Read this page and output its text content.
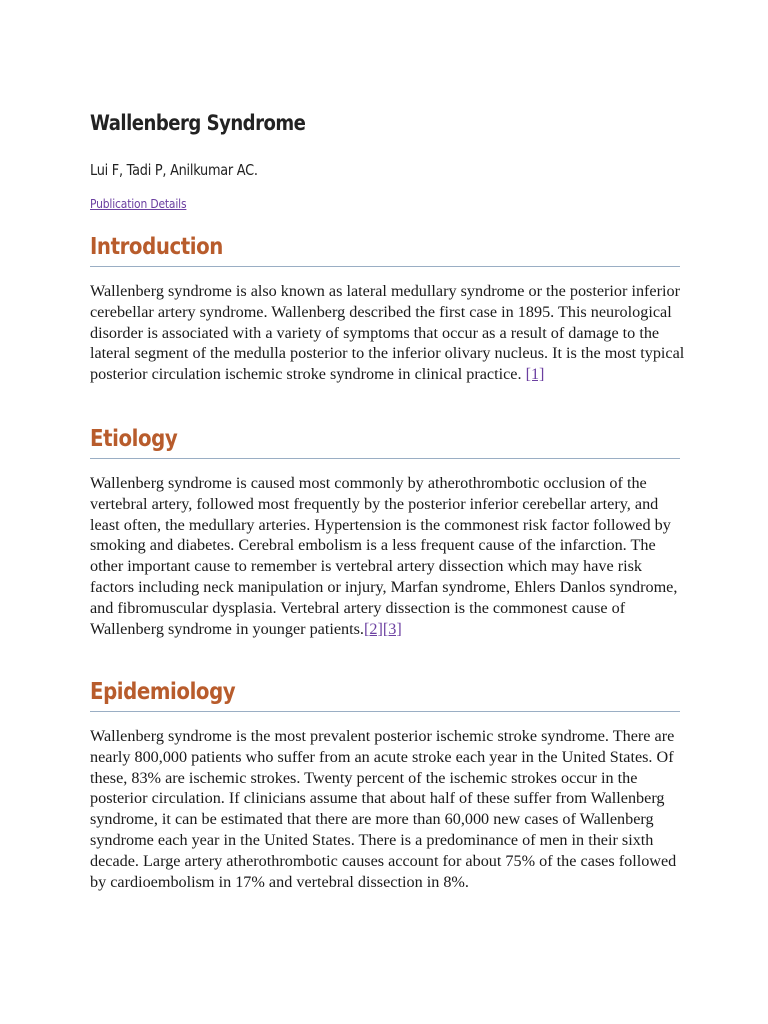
Wallenberg Syndrome

Lui F, Tadi P, Anilkumar AC.

Publication Details
Introduction

Wallenberg syndrome is also known as lateral medullary syndrome or the posterior inferior cerebellar artery syndrome. Wallenberg described the first case in 1895. This neurological disorder is associated with a variety of symptoms that occur as a result of damage to the lateral segment of the medulla posterior to the inferior olivary nucleus. It is the most typical posterior circulation ischemic stroke syndrome in clinical practice. [1]

Etiology

Wallenberg syndrome is caused most commonly by atherothrombotic occlusion of the vertebral artery, followed most frequently by the posterior inferior cerebellar artery, and least often, the medullary arteries. Hypertension is the commonest risk factor followed by smoking and diabetes. Cerebral embolism is a less frequent cause of the infarction. The other important cause to remember is vertebral artery dissection which may have risk factors including neck manipulation or injury, Marfan syndrome, Ehlers Danlos syndrome, and fibromuscular dysplasia. Vertebral artery dissection is the commonest cause of Wallenberg syndrome in younger patients.[2][3]

Epidemiology

Wallenberg syndrome is the most prevalent posterior ischemic stroke syndrome. There are nearly 800,000 patients who suffer from an acute stroke each year in the United States. Of these, 83% are ischemic strokes. Twenty percent of the ischemic strokes occur in the posterior circulation. If clinicians assume that about half of these suffer from Wallenberg syndrome, it can be estimated that there are more than 60,000 new cases of Wallenberg syndrome each year in the United States. There is a predominance of men in their sixth decade. Large artery atherothrombotic causes account for about 75% of the cases followed by cardioembolism in 17% and vertebral dissection in 8%.
